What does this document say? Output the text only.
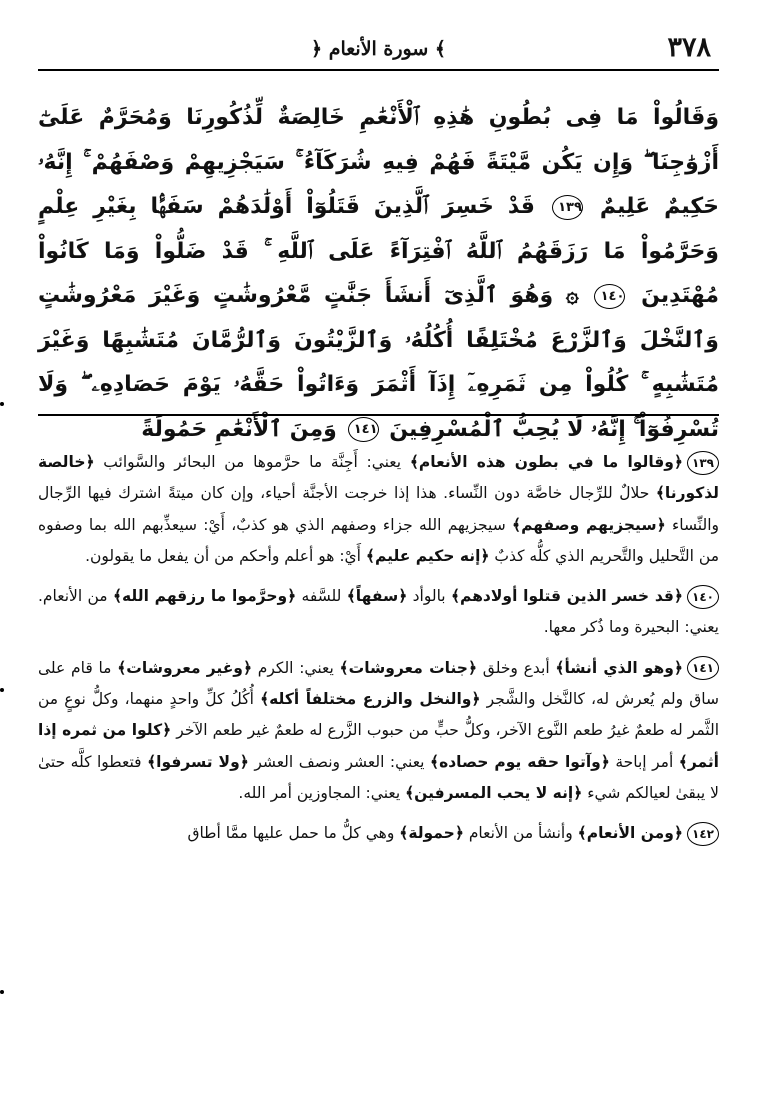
٣٧٨
﴿ سورة الأنعام ﴾
وَقَالُواْ مَا فِى بُطُونِ هَٰذِهِ ٱلْأَنْعَٰمِ خَالِصَةٌ لِّذُكُورِنَا وَمُحَرَّمٌ عَلَىٰٓ أَزْوَٰجِنَا ۖ وَإِن يَكُن مَّيْتَةً فَهُمْ فِيهِ شُرَكَآءُ ۚ سَيَجْزِيهِمْ وَصْفَهُمْ ۚ إِنَّهُۥ حَكِيمٌ عَلِيمٌ ١٣٩ قَدْ خَسِرَ ٱلَّذِينَ قَتَلُوٓاْ أَوْلَٰدَهُمْ سَفَهًۢا بِغَيْرِ عِلْمٍ وَحَرَّمُواْ مَا رَزَقَهُمُ ٱللَّهُ ٱفْتِرَآءً عَلَى ٱللَّهِ ۚ قَدْ ضَلُّواْ وَمَا كَانُواْ مُهْتَدِينَ ١٤٠ ۞ وَهُوَ ٱلَّذِىٓ أَنشَأَ جَنَّٰتٍ مَّعْرُوشَٰتٍ وَغَيْرَ مَعْرُوشَٰتٍ وَٱلنَّخْلَ وَٱلزَّرْعَ مُخْتَلِفًا أُكُلُهُۥ وَٱلزَّيْتُونَ وَٱلرُّمَّانَ مُتَشَٰبِهًا وَغَيْرَ مُتَشَٰبِهٍ ۚ كُلُواْ مِن ثَمَرِهِۦٓ إِذَآ أَثْمَرَ وَءَاتُواْ حَقَّهُۥ يَوْمَ حَصَادِهِۦ ۖ وَلَا تُسْرِفُوٓاْ ۚ إِنَّهُۥ لَا يُحِبُّ ٱلْمُسْرِفِينَ ١٤١ وَمِنَ ٱلْأَنْعَٰمِ حَمُولَةً

١٣٩﴿وقالوا ما في بطون هذه الأنعام﴾ يعني: أَجِنَّة ما حرَّموها من البحائر والسَّوائب ﴿خالصة لذكورنا﴾ حلالٌ للرِّجال خاصَّة دون النِّساء. هذا إذا خرجت الأجنَّة أحياء، وإن كان ميتةً اشترك فيها الرِّجال والنِّساء ﴿سيجزيهم وصفهم﴾ سيجزيهم الله جزاء وصفهم الذي هو كذبٌ، أَيْ: سيعذِّبهم الله بما وصفوه من التَّحليل والتَّحريم الذي كلُّه كذبٌ ﴿إنه حكيم عليم﴾ أَيْ: هو أعلم وأحكم من أن يفعل ما يقولون.

١٤٠﴿قد خسر الذين قتلوا أولادهم﴾ بالوأد ﴿سفهاً﴾ للسَّفه ﴿وحرَّموا ما رزقهم الله﴾ من الأنعام. يعني: البحيرة وما ذُكر معها.

١٤١﴿وهو الذي أنشأ﴾ أبدع وخلق ﴿جنات معروشات﴾ يعني: الكرم ﴿وغير معروشات﴾ ما قام على ساق ولم يُعرش له، كالنَّخل والشَّجر ﴿والنخل والزرع مختلفاً أكله﴾ أُكُلُ كلِّ واحدٍ منهما، وكلُّ نوعٍ من الثَّمر له طعمٌ غيرُ طعم النَّوع الآخر، وكلُّ حبٍّ من حبوب الزَّرع له طعمٌ غير طعم الآخر ﴿كلوا من ثمره إذا أثمر﴾ أمر إباحة ﴿وآتوا حقه يوم حصاده﴾ يعني: العشر ونصف العشر ﴿ولا تسرفوا﴾ فتعطوا كلَّه حتىٰ لا يبقىٰ لعيالكم شيء ﴿إنه لا يحب المسرفين﴾ يعني: المجاوزين أمر الله.

١٤٢﴿ومن الأنعام﴾ وأنشأ من الأنعام ﴿حمولة﴾ وهي كلُّ ما حمل عليها ممَّا أطاق
